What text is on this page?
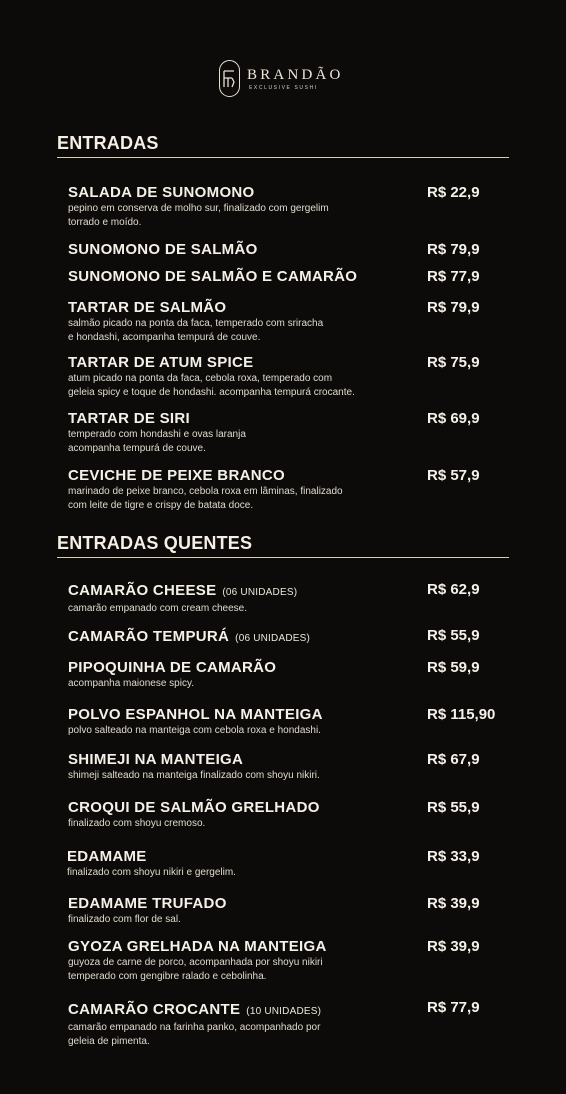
BRANDÃO
EXCLUSIVE SUSHI
ENTRADAS
SALADA DE SUNOMONO
pepino em conserva de molho sur, finalizado com gergelim
torrado e moído.
R$ 22,9
SUNOMONO DE SALMÃO	R$ 79,9
SUNOMONO DE SALMÃO E CAMARÃO	R$ 77,9
TARTAR DE SALMÃO
salmão picado na ponta da faca, temperado com sriracha
e hondashi, acompanha tempurá de couve.
R$ 79,9
TARTAR DE ATUM SPICE
atum picado na ponta da faca, cebola roxa, temperado com
geleia spicy e toque de hondashi. acompanha tempurá crocante.
R$ 75,9
TARTAR DE SIRI
temperado com hondashi e ovas laranja
acompanha tempurá de couve.
R$ 69,9
CEVICHE DE PEIXE BRANCO
marinado de peixe branco, cebola roxa em lâminas, finalizado
com leite de tigre e crispy de batata doce.
R$ 57,9
ENTRADAS QUENTES
CAMARÃO CHEESE (06 UNIDADES)
camarão empanado com cream cheese.
R$ 62,9
CAMARÃO TEMPURÁ (06 UNIDADES)	R$ 55,9
PIPOQUINHA DE CAMARÃO
acompanha maionese spicy.
R$ 59,9
POLVO ESPANHOL NA MANTEIGA
polvo salteado na manteiga com cebola roxa e hondashi.
R$ 115,90
SHIMEJI NA MANTEIGA
shimeji salteado na manteiga finalizado com shoyu nikiri.
R$ 67,9
CROQUI DE SALMÃO GRELHADO
finalizado com shoyu cremoso.
R$ 55,9
EDAMAME
finalizado com shoyu nikiri e gergelim.
R$ 33,9
EDAMAME TRUFADO
finalizado com flor de sal.
R$ 39,9
GYOZA GRELHADA NA MANTEIGA
guyoza de carne de porco, acompanhada por shoyu nikiri
temperado com gengibre ralado e cebolinha.
R$ 39,9
CAMARÃO CROCANTE (10 UNIDADES)
camarão empanado na farinha panko, acompanhado por
geleia de pimenta.
R$ 77,9
